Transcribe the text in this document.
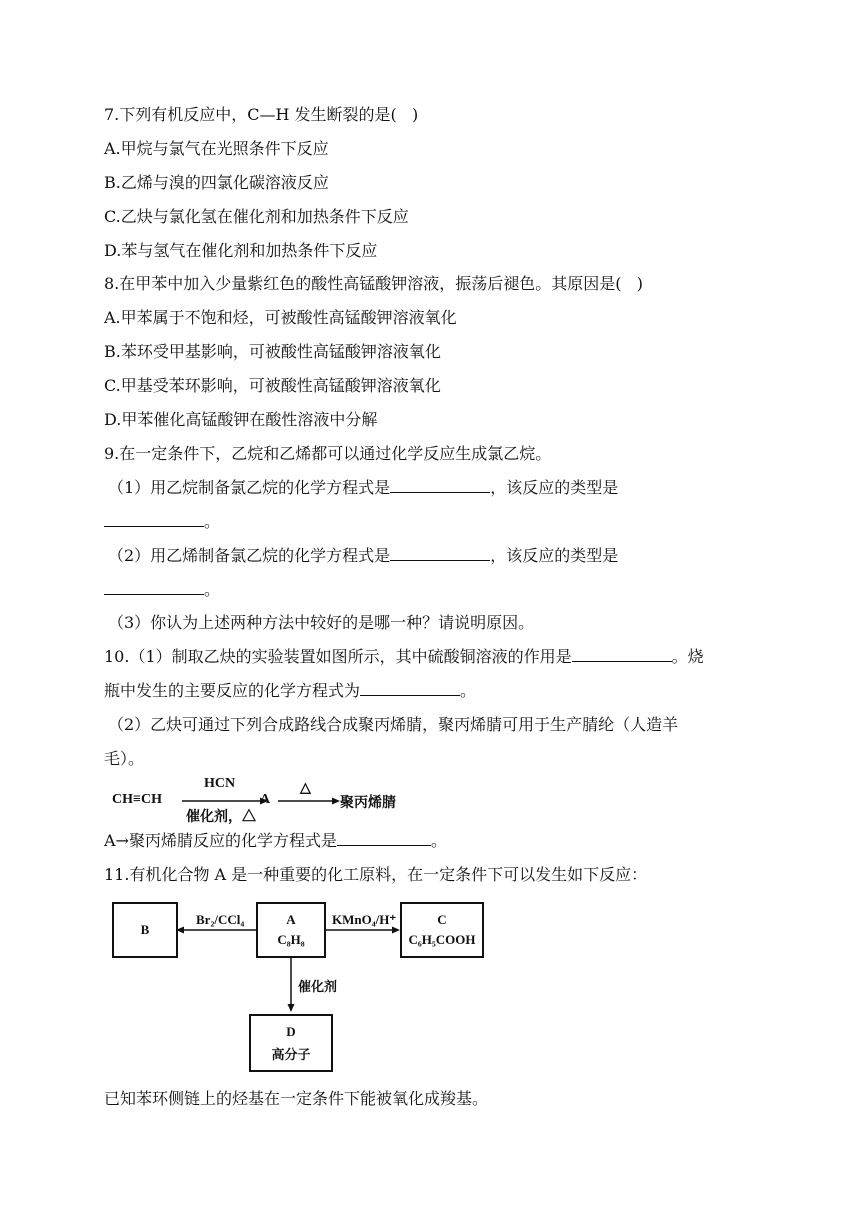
7.下列有机反应中，C—H 发生断裂的是(   )
A.甲烷与氯气在光照条件下反应
B.乙烯与溴的四氯化碳溶液反应
C.乙炔与氯化氢在催化剂和加热条件下反应
D.苯与氢气在催化剂和加热条件下反应
8.在甲苯中加入少量紫红色的酸性高锰酸钾溶液，振荡后褪色。其原因是(   )
A.甲苯属于不饱和烃，可被酸性高锰酸钾溶液氧化
B.苯环受甲基影响，可被酸性高锰酸钾溶液氧化
C.甲基受苯环影响，可被酸性高锰酸钾溶液氧化
D.甲苯催化高锰酸钾在酸性溶液中分解
9.在一定条件下，乙烷和乙烯都可以通过化学反应生成氯乙烷。
（1）用乙烷制备氯乙烷的化学方程式是	，该反应的类型是
。
（2）用乙烯制备氯乙烷的化学方程式是	，该反应的类型是
。
（3）你认为上述两种方法中较好的是哪一种？请说明原因。
10.（1）制取乙炔的实验装置如图所示，其中硫酸铜溶液的作用是	。烧
瓶中发生的主要反应的化学方程式为	。
（2）乙炔可通过下列合成路线合成聚丙烯腈，聚丙烯腈可用于生产腈纶（人造羊
毛）。
CH≡CH
HCN
催化剂，△
A
△
聚丙烯腈
A→聚丙烯腈反应的化学方程式是	。
11.有机化合物 A 是一种重要的化工原料，在一定条件下可以发生如下反应：
B
A
C₈H₈
C
C₆H₅COOH
D
高分子
Br₂/CCl₄	KMnO₄/H⁺
催化剂
已知苯环侧链上的烃基在一定条件下能被氧化成羧基。
